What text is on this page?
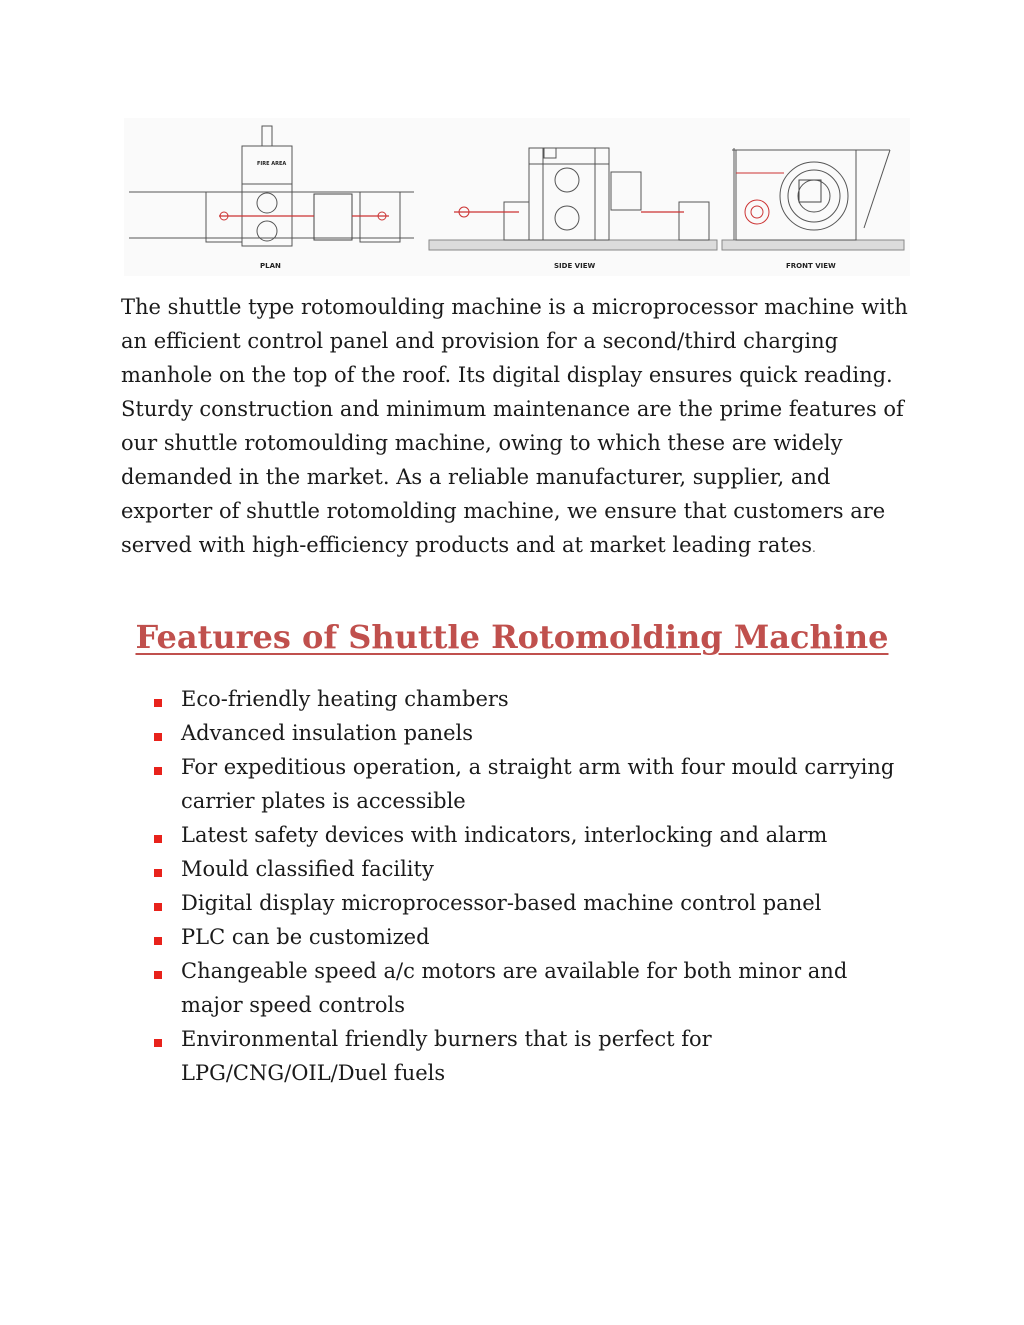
FIRE AREA
PLAN	SIDE VIEW	FRONT VIEW

The shuttle type rotomoulding machine is a microprocessor machine with an efficient control panel and provision for a second/third charging manhole on the top of the roof. Its digital display ensures quick reading. Sturdy construction and minimum maintenance are the prime features of our shuttle rotomoulding machine, owing to which these are widely demanded in the market. As a reliable manufacturer, supplier, and exporter of shuttle rotomolding machine, we ensure that customers are served with high-efficiency products and at market leading rates.

Features of Shuttle Rotomolding Machine
Eco-friendly heating chambers
Advanced insulation panels
For expeditious operation, a straight arm with four mould carrying carrier plates is accessible
Latest safety devices with indicators, interlocking and alarm
Mould classified facility
Digital display microprocessor-based machine control panel
PLC can be customized
Changeable speed a/c motors are available for both minor and major speed controls
Environmental friendly burners that is perfect for LPG/CNG/OIL/Duel fuels
